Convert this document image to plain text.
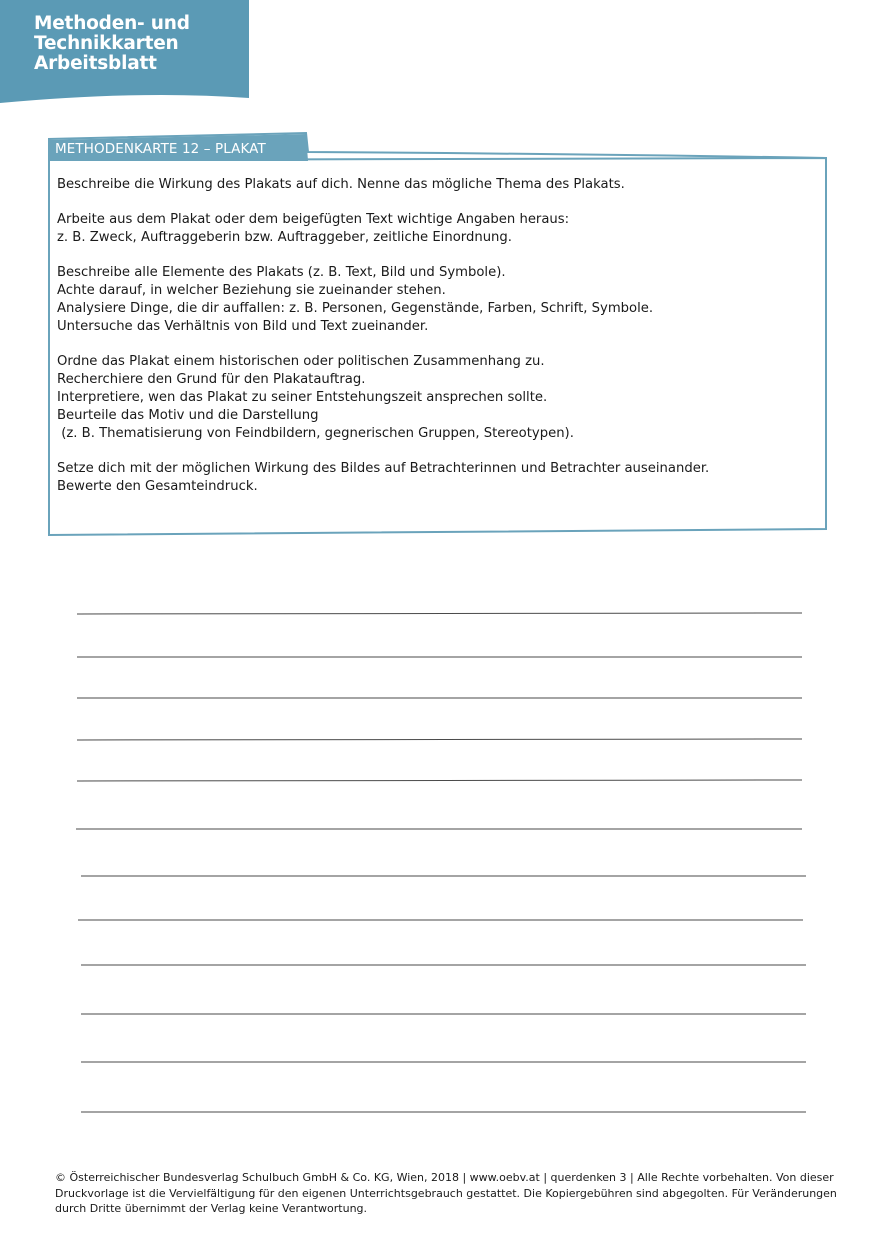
Methoden- und
Technikkarten
Arbeitsblatt
METHODENKARTE 12 – PLAKAT

Beschreibe die Wirkung des Plakats auf dich. Nenne das mögliche Thema des Plakats.

Arbeite aus dem Plakat oder dem beigefügten Text wichtige Angaben heraus:
z. B. Zweck, Auftraggeberin bzw. Auftraggeber, zeitliche Einordnung.

Beschreibe alle Elemente des Plakats (z. B. Text, Bild und Symbole).
Achte darauf, in welcher Beziehung sie zueinander stehen.
Analysiere Dinge, die dir auffallen: z. B. Personen, Gegenstände, Farben, Schrift, Symbole.
Untersuche das Verhältnis von Bild und Text zueinander.

Ordne das Plakat einem historischen oder politischen Zusammenhang zu.
Recherchiere den Grund für den Plakatauftrag.
Interpretiere, wen das Plakat zu seiner Entstehungszeit ansprechen sollte.
Beurteile das Motiv und die Darstellung
(z. B. Thematisierung von Feindbildern, gegnerischen Gruppen, Stereotypen).

Setze dich mit der möglichen Wirkung des Bildes auf Betrachterinnen und Betrachter auseinander.
Bewerte den Gesamteindruck.

© Österreichischer Bundesverlag Schulbuch GmbH & Co. KG, Wien, 2018 | www.oebv.at | querdenken 3 | Alle Rechte vorbehalten. Von dieser
Druckvorlage ist die Vervielfältigung für den eigenen Unterrichtsgebrauch gestattet. Die Kopiergebühren sind abgegolten. Für Veränderungen
durch Dritte übernimmt der Verlag keine Verantwortung.
